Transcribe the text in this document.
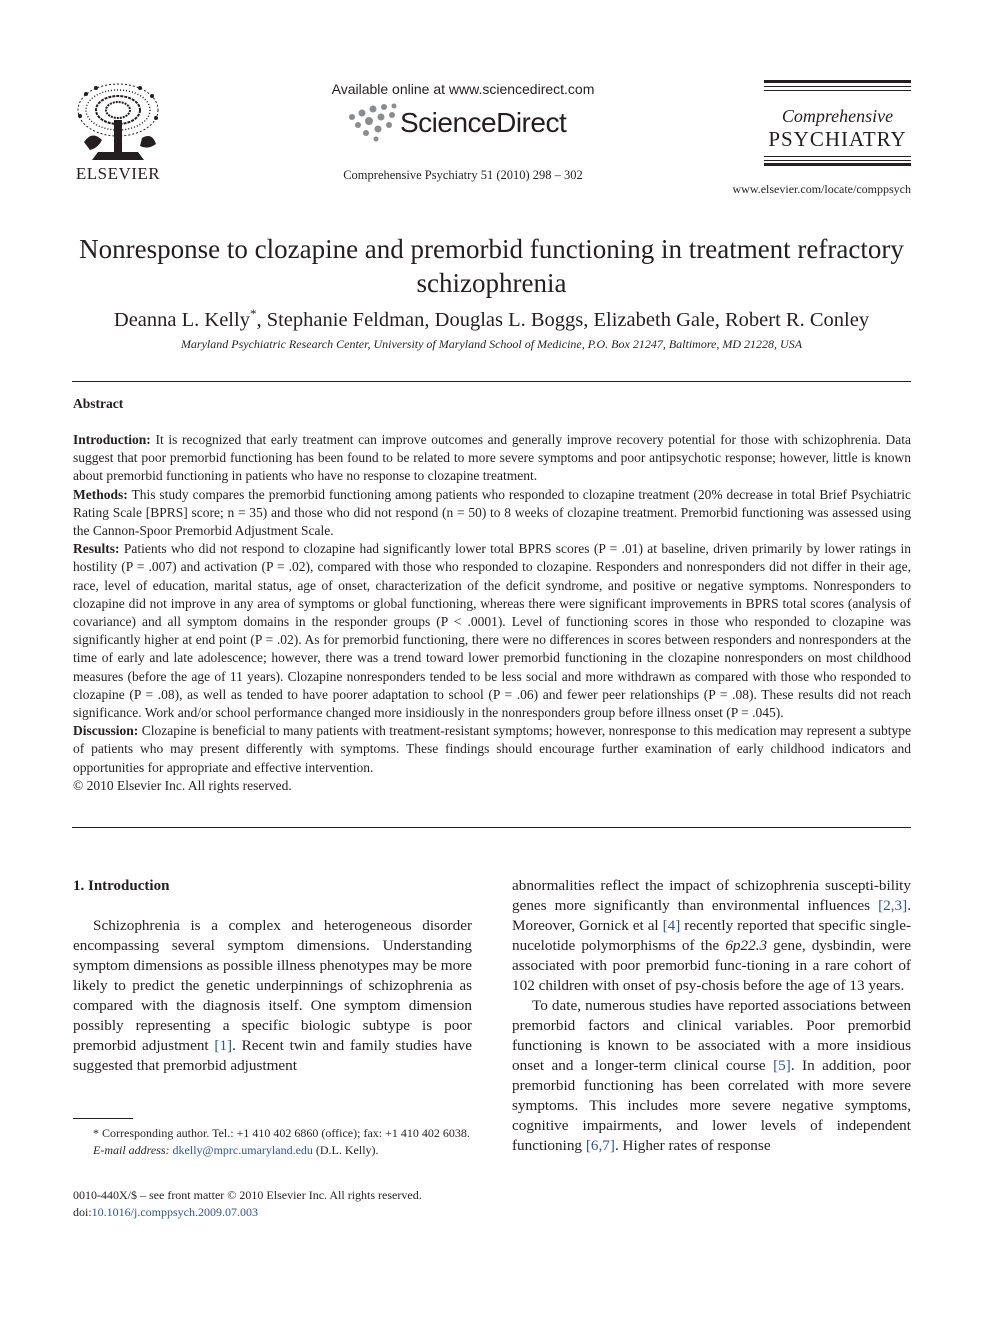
ELSEVIER
Available online at www.sciencedirect.com
ScienceDirect
Comprehensive Psychiatry 51 (2010) 298 – 302
Comprehensive
PSYCHIATRY
www.elsevier.com/locate/comppsych
Nonresponse to clozapine and premorbid functioning in treatment refractory schizophrenia
Deanna L. Kelly*, Stephanie Feldman, Douglas L. Boggs, Elizabeth Gale, Robert R. Conley
Maryland Psychiatric Research Center, University of Maryland School of Medicine, P.O. Box 21247, Baltimore, MD 21228, USA
Abstract

Introduction: It is recognized that early treatment can improve outcomes and generally improve recovery potential for those with schizophrenia. Data suggest that poor premorbid functioning has been found to be related to more severe symptoms and poor antipsychotic response; however, little is known about premorbid functioning in patients who have no response to clozapine treatment.

Methods: This study compares the premorbid functioning among patients who responded to clozapine treatment (20% decrease in total Brief Psychiatric Rating Scale [BPRS] score; n = 35) and those who did not respond (n = 50) to 8 weeks of clozapine treatment. Premorbid functioning was assessed using the Cannon-Spoor Premorbid Adjustment Scale.

Results: Patients who did not respond to clozapine had significantly lower total BPRS scores (P = .01) at baseline, driven primarily by lower ratings in hostility (P = .007) and activation (P = .02), compared with those who responded to clozapine. Responders and nonresponders did not differ in their age, race, level of education, marital status, age of onset, characterization of the deficit syndrome, and positive or negative symptoms. Nonresponders to clozapine did not improve in any area of symptoms or global functioning, whereas there were significant improvements in BPRS total scores (analysis of covariance) and all symptom domains in the responder groups (P < .0001). Level of functioning scores in those who responded to clozapine was significantly higher at end point (P = .02). As for premorbid functioning, there were no differences in scores between responders and nonresponders at the time of early and late adolescence; however, there was a trend toward lower premorbid functioning in the clozapine nonresponders on most childhood measures (before the age of 11 years). Clozapine nonresponders tended to be less social and more withdrawn as compared with those who responded to clozapine (P = .08), as well as tended to have poorer adaptation to school (P = .06) and fewer peer relationships (P = .08). These results did not reach significance. Work and/or school performance changed more insidiously in the nonresponders group before illness onset (P = .045).

Discussion: Clozapine is beneficial to many patients with treatment-resistant symptoms; however, nonresponse to this medication may represent a subtype of patients who may present differently with symptoms. These findings should encourage further examination of early childhood indicators and opportunities for appropriate and effective intervention.

© 2010 Elsevier Inc. All rights reserved.

1. Introduction

Schizophrenia is a complex and heterogeneous disorder encompassing several symptom dimensions. Understanding symptom dimensions as possible illness phenotypes may be more likely to predict the genetic underpinnings of schizophrenia as compared with the diagnosis itself. One symptom dimension possibly representing a specific biologic subtype is poor premorbid adjustment [1]. Recent twin and family studies have suggested that premorbid adjustment

abnormalities reflect the impact of schizophrenia suscepti-bility genes more significantly than environmental influences [2,3]. Moreover, Gornick et al [4] recently reported that specific single-nucelotide polymorphisms of the 6p22.3 gene, dysbindin, were associated with poor premorbid func-tioning in a rare cohort of 102 children with onset of psy-chosis before the age of 13 years.

To date, numerous studies have reported associations between premorbid factors and clinical variables. Poor premorbid functioning is known to be associated with a more insidious onset and a longer-term clinical course [5]. In addition, poor premorbid functioning has been correlated with more severe symptoms. This includes more severe negative symptoms, cognitive impairments, and lower levels of independent functioning [6,7]. Higher rates of response

* Corresponding author. Tel.: +1 410 402 6860 (office); fax: +1 410 402 6038.

E-mail address: dkelly@mprc.umaryland.edu (D.L. Kelly).

0010-440X/$ – see front matter © 2010 Elsevier Inc. All rights reserved.

doi:10.1016/j.comppsych.2009.07.003
